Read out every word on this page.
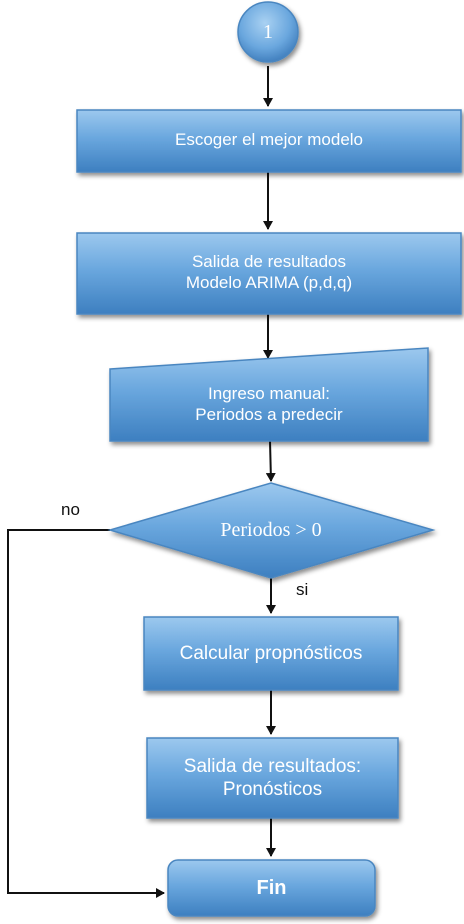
1
Escoger el mejor modelo
Salida de resultados
Modelo ARIMA (p,d,q)
Ingreso manual:
Periodos a predecir
Periodos > 0
Calcular propnósticos
Salida de resultados:
Pronósticos
Fin
no
si
